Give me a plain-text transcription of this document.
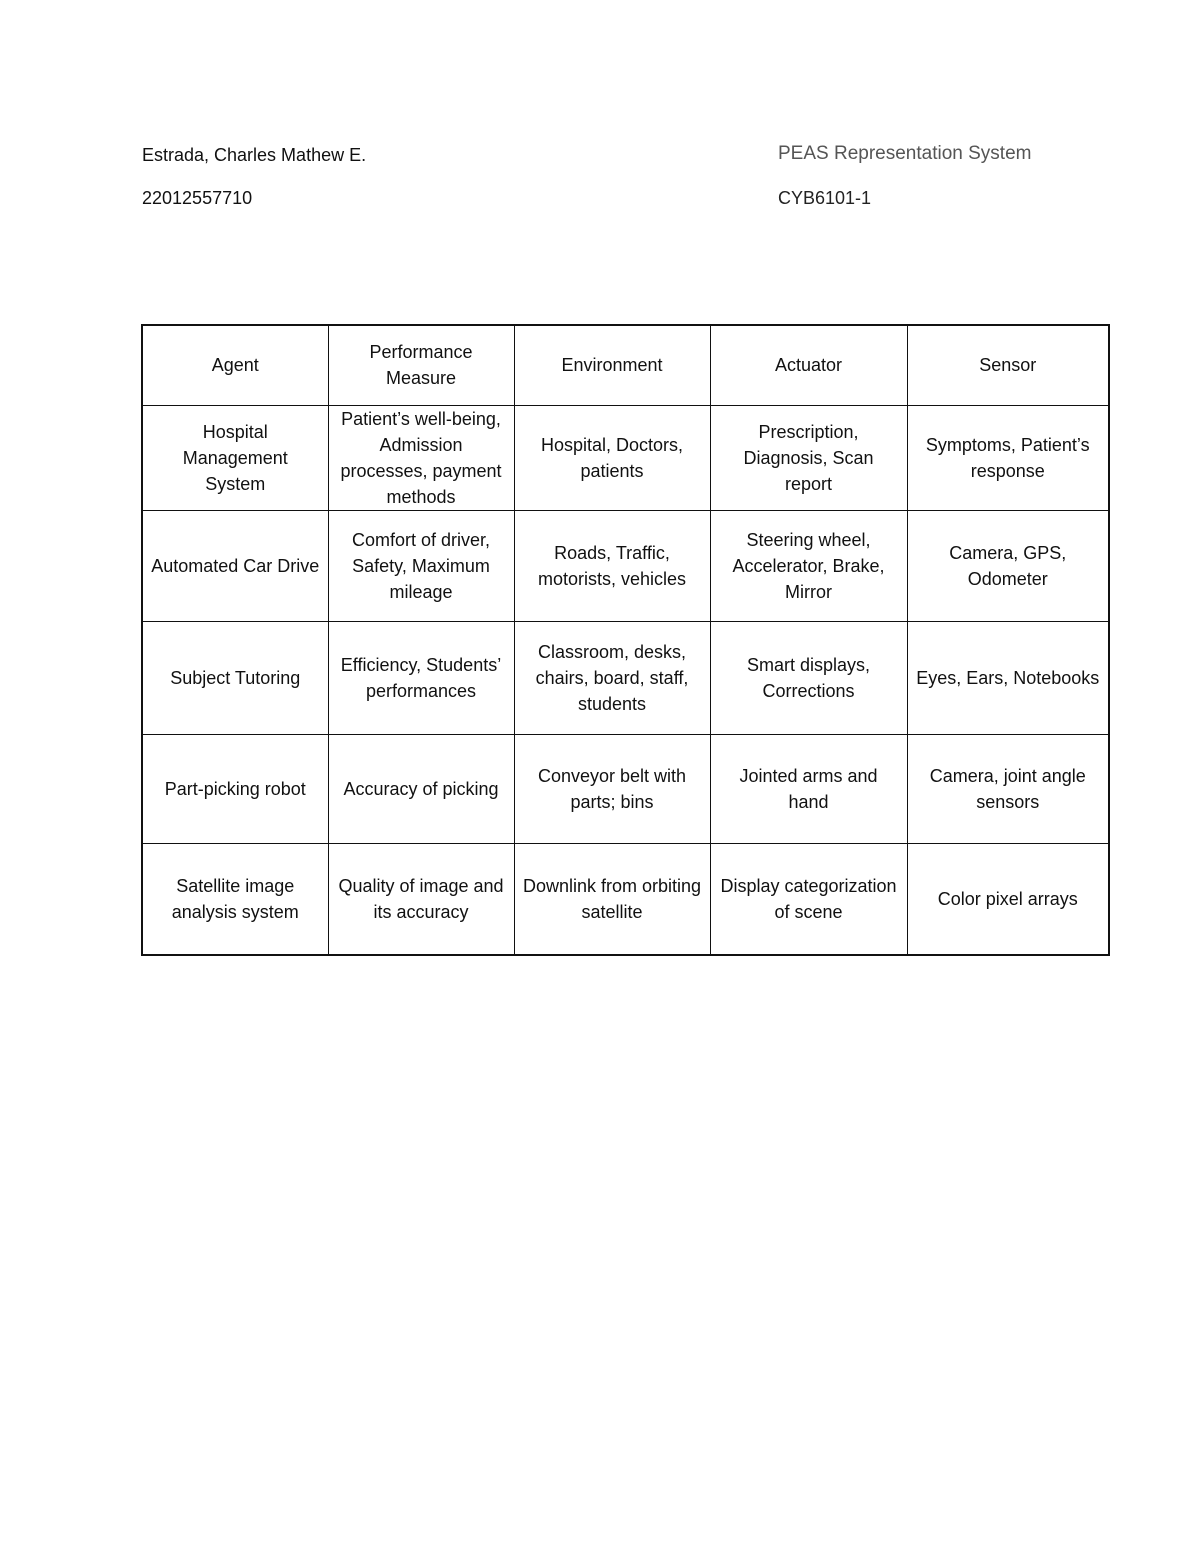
Estrada, Charles Mathew E.
22012557710
PEAS Representation System
CYB6101-1
Agent	Performance Measure	Environment	Actuator	Sensor
Hospital Management System	Patient’s well-being, Admission processes, payment methods	Hospital, Doctors, patients	Prescription, Diagnosis, Scan report	Symptoms, Patient’s response
Automated Car Drive	Comfort of driver, Safety, Maximum mileage	Roads, Traffic, motorists, vehicles	Steering wheel, Accelerator, Brake, Mirror	Camera, GPS, Odometer
Subject Tutoring	Efficiency, Students’ performances	Classroom, desks, chairs, board, staff, students	Smart displays, Corrections	Eyes, Ears, Notebooks
Part-picking robot	Accuracy of picking	Conveyor belt with parts; bins	Jointed arms and hand	Camera, joint angle sensors
Satellite image analysis system	Quality of image and its accuracy	Downlink from orbiting satellite	Display categorization of scene	Color pixel arrays
